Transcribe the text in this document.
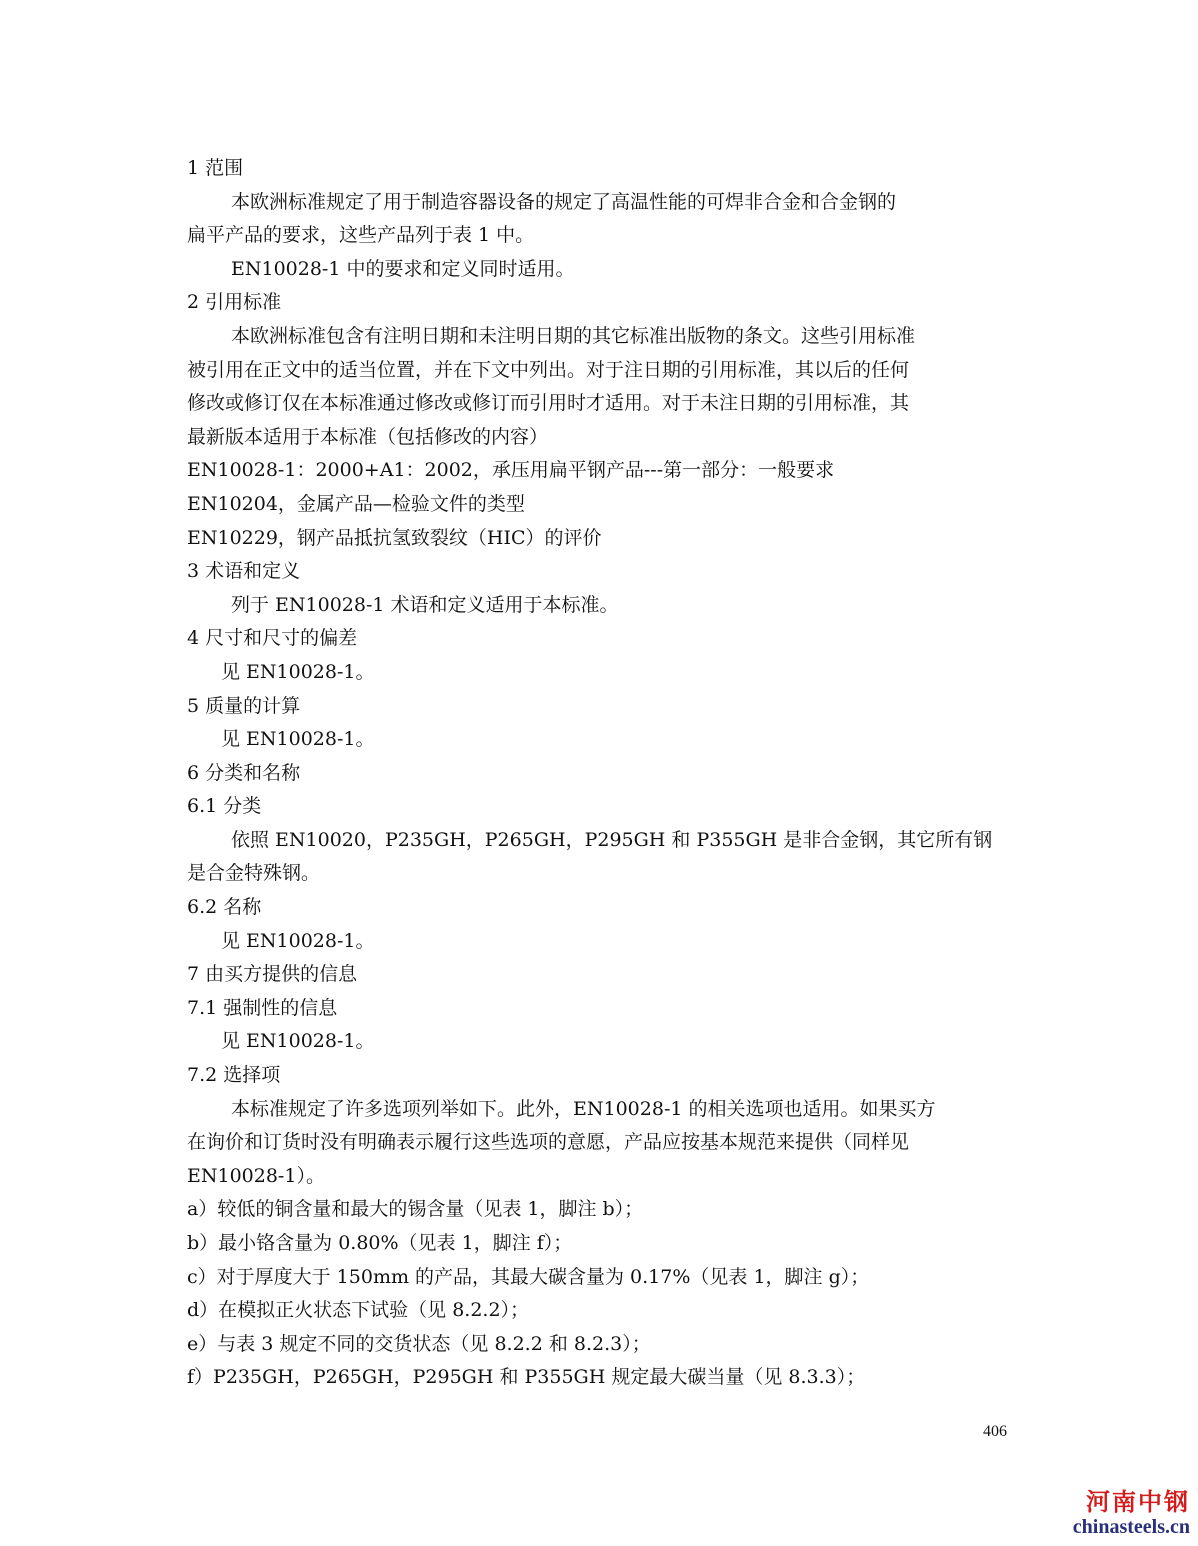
1 范围
本欧洲标准规定了用于制造容器设备的规定了高温性能的可焊非合金和合金钢的
扁平产品的要求，这些产品列于表 1 中。
EN10028-1 中的要求和定义同时适用。
2 引用标准
本欧洲标准包含有注明日期和未注明日期的其它标准出版物的条文。这些引用标准
被引用在正文中的适当位置，并在下文中列出。对于注日期的引用标准，其以后的任何
修改或修订仅在本标准通过修改或修订而引用时才适用。对于未注日期的引用标准，其
最新版本适用于本标准（包括修改的内容）
EN10028-1：2000+A1：2002，承压用扁平钢产品---第一部分：一般要求
EN10204，金属产品—检验文件的类型
EN10229，钢产品抵抗氢致裂纹（HIC）的评价
3 术语和定义
列于 EN10028-1 术语和定义适用于本标准。
4 尺寸和尺寸的偏差
见 EN10028-1。
5 质量的计算
见 EN10028-1。
6 分类和名称
6.1 分类
依照 EN10020，P235GH，P265GH，P295GH 和 P355GH 是非合金钢，其它所有钢
是合金特殊钢。
6.2 名称
见 EN10028-1。
7 由买方提供的信息
7.1 强制性的信息
见 EN10028-1。
7.2 选择项
本标准规定了许多选项列举如下。此外，EN10028-1 的相关选项也适用。如果买方
在询价和订货时没有明确表示履行这些选项的意愿，产品应按基本规范来提供（同样见
EN10028-1）。
a）较低的铜含量和最大的锡含量（见表 1，脚注 b）；
b）最小铬含量为 0.80%（见表 1，脚注 f）；
c）对于厚度大于 150mm 的产品，其最大碳含量为 0.17%（见表 1，脚注 g）；
d）在模拟正火状态下试验（见 8.2.2）；
e）与表 3 规定不同的交货状态（见 8.2.2 和 8.2.3）；
f）P235GH，P265GH，P295GH 和 P355GH 规定最大碳当量（见 8.3.3）；
406
河南中钢
chinasteels.cn
